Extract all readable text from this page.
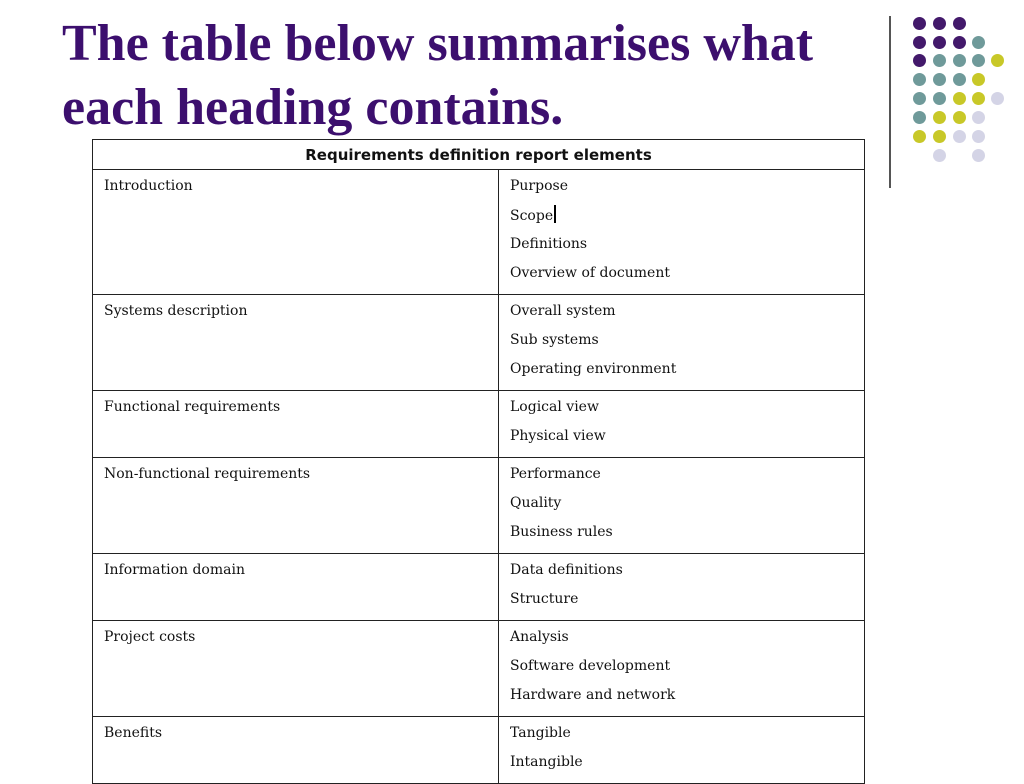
The table below summarises what each heading contains.
Requirements definition report elements	

Introduction	Purpose
Scope
Definitions
Overview of document

Systems description	Overall system
Sub systems
Operating environment

Functional requirements	Logical view
Physical view

Non-functional requirements	Performance
Quality
Business rules

Information domain	Data definitions
Structure

Project costs	Analysis
Software development
Hardware and network

Benefits	Tangible
Intangible
